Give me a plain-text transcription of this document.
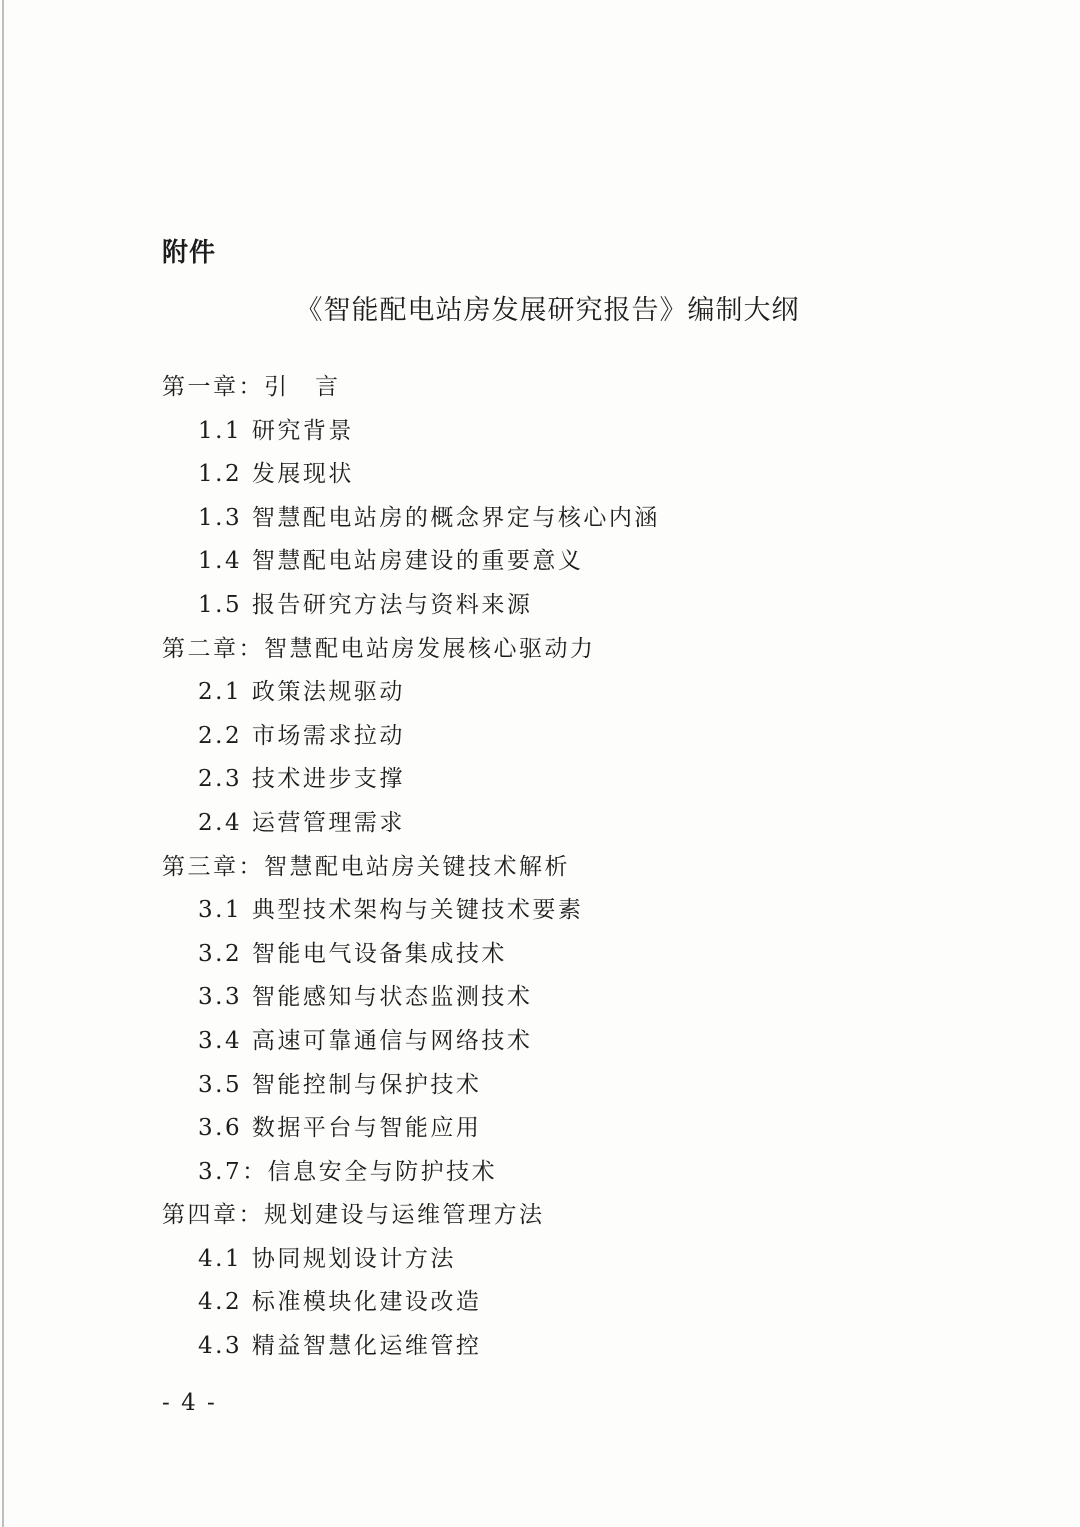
附件
《智能配电站房发展研究报告》编制大纲
第一章：引　言
1.1 研究背景
1.2 发展现状
1.3 智慧配电站房的概念界定与核心内涵
1.4 智慧配电站房建设的重要意义
1.5 报告研究方法与资料来源
第二章：智慧配电站房发展核心驱动力
2.1 政策法规驱动
2.2 市场需求拉动
2.3 技术进步支撑
2.4 运营管理需求
第三章：智慧配电站房关键技术解析
3.1 典型技术架构与关键技术要素
3.2 智能电气设备集成技术
3.3 智能感知与状态监测技术
3.4 高速可靠通信与网络技术
3.5 智能控制与保护技术
3.6 数据平台与智能应用
3.7：信息安全与防护技术
第四章：规划建设与运维管理方法
4.1 协同规划设计方法
4.2 标准模块化建设改造
4.3 精益智慧化运维管控
- 4 -
